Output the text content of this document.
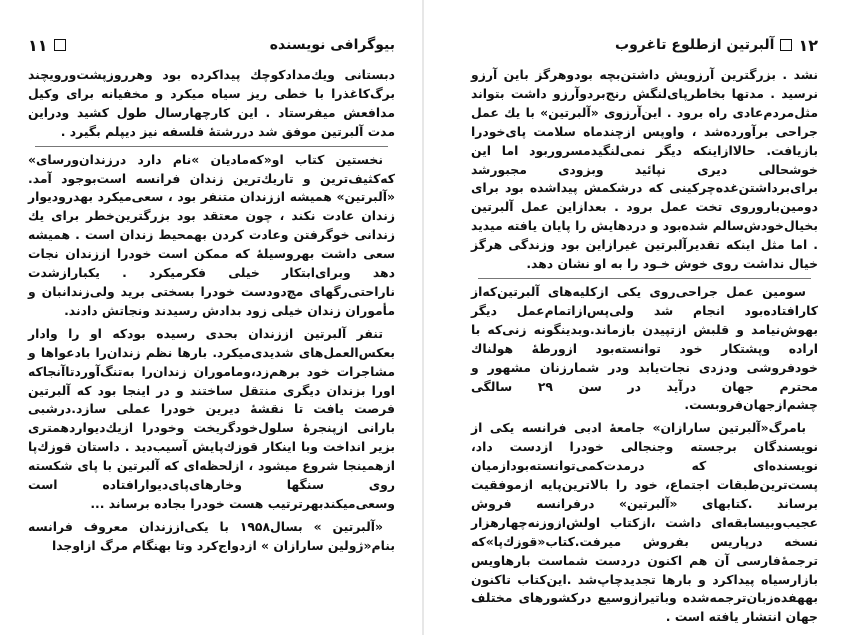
بیوگرافی نویسنده
١١

دبستانی ویك‌مداد‌كوچك پیداكرده بود وهرروزپشت‌ورویچند برگ‌كاغذرا با خطی ریز سیاه میكرد و مخفیانه برای وكیل مدافعش میفرستاد . این كارچهارسال طول كشید ودراین مدت آلبرتین موفق شد دررشتهٔ فلسفه نیز دیپلم بگیرد .

نخستین كتاب او«كه‌مادیان »نام دارد درزندان‌ورسای» كه‌كثیف‌ترین و تاریك‌ترین زندان فرانسه است‌بوجود آمد. «آلبرتین» همیشه اززندان متنفر بود ، سعی‌میكرد بهدرودیوار زندان عادت نكند ، چون معتقد بود بزرگترین‌خطر برای یك زندانی خوگرفتن وعادت كردن بهمحیط زندان است . همیشه سعی داشت بهروسیلهٔ كه ممكن است خودرا اززندان نجات دهد وبرای‌ابتكار خیلی فكرمیكرد . یكبارازشدت ناراحتی‌رگهای مچ‌دودست خودرا بسختی برید ولی‌زندانبان و مأموران زندان خیلی زود بدادش رسیدند ونجاتش دادند.

تنفر آلبرتین اززندان بحدی رسیده بودكه او را وادار بعكس‌العمل‌های شدیدی‌میكرد. بارها نظم زندان‌را بادعواها و مشاجرات خود برهم‌زد،وما‌موران زندان‌را به‌تنگ‌آورد‌تا‌آنجاكه اورا بزندان دیگری منتقل ساختند و در اینجا بود كه آلبرتین فرصت یافت تا نقشهٔ دیرین خودرا عملی سازد.درشبی بارانی ازپنجرهٔ سلول‌خودگریخت وخودرا ازیك‌دیواردهمتری بزیر انداخت وبا اینكار قوزك‌پایش آسیب‌دید . داستان قوزك‌پا ازهمینجا شروع میشود ، ازلحظه‌ای كه آلبرتین با پای شكسته روی سنگها وخارهای‌پای‌دیوارافتاده است وسعی‌میكندبهرترتیب هست خودرا بجاده برساند ...

«آلبرتین » بسال۱۹۵۸ با یكی‌اززندان معروف فرانسه بنام«ژولین سارازان » ازدواج‌كرد وتا بهنگام مرگ ازاوجدا

١٢
آلبرتین ازطلوع تاغروب

نشد . بزرگترین آرزویش داشتن‌بچه بودوهرگز باین آرزو نرسید . مدتها بخاطرپای‌لنگش رنج‌بردوآرزو داشت بتواند مثل‌مردم‌عادی راه برود . این‌آرزوی «آلبرتین» با یك عمل جراحی برآورده‌شد ، واوپس ازچندماه سلامت پای‌خودرا باز‌یافت. حالاازاینكه دیگر نمی‌لنگیدمسروربود اما این خوشحالی دیری نپائید وبزودی مجبورشد برای‌برداشتن‌غده‌چركینی كه درشكمش پیداشده بود برای دومین‌باروروی تخت عمل برود . بعدازاین عمل آلبرتین بخیال‌خودش‌سالم شده‌بود و دردهایش را پایان یافته میدید . اما مثل اینكه تقدیرآلبرتین غیرازاین بود وزندگی هرگز خیال نداشت روی خوش خـود را به او نشان دهد.

سومین عمل جراحی‌روی یكی ازكلیه‌های آلبرتین‌كه‌از كارافتاده‌بود انجام شد ولی‌پس‌ازاتمام‌عمل دیگر بهوش‌نیامد و قلبش ازتپیدن بازماند.وبدینگونه زنی‌كه با اراده وپشتكار خود توانسته‌بود ازورطهٔ هولناك خودفروشی ودزدی نجات‌یابد ودر شمارزنان مشهور و محترم جهان درآید در سن ۲۹ سالگی چشم‌ازجهان‌فروبست.

بامرگ«آلبرتین سارازان» جامعهٔ ادبی فرانسه یكی از نویسندگان برجسته وجنجالی خودرا ازدست داد، نویسنده‌ای كه درمدت‌كمی‌توانسته‌بوداز‌میان پست‌ترین‌طبقات اجتماع، خود را بالاترین‌پایه ازموفقیت برساند .كتابهای «آلبرتین» درفرانسه فروش عجیب‌وبیسابقه‌ای داشت ،ازكتاب اولش‌ازوزنه‌چهارهزار نسخه درپاریس بفروش میرفت.كتاب«قوزك‌پا»كه ترجمهٔ‌فارسی آن هم اكنون دردست شماست بارهاویس بازارسیاه پیداكرد و بارها تجدیدچاپ‌شد .این‌كتاب تاكنون بههفده‌زبان‌ترجمه‌شده وباتیرازوسیع دركشورهای مختلف جهان انتشار یافته است .
